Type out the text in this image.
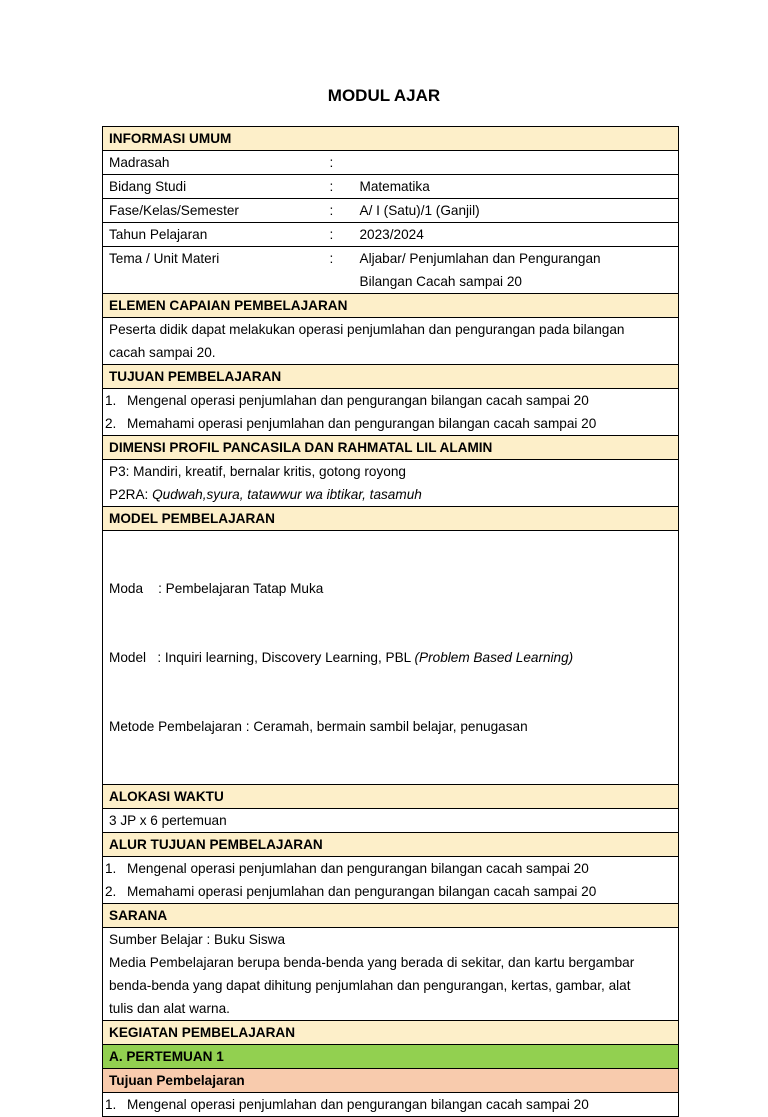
MODUL AJAR
INFORMASI UMUM		
Madrasah	:	
Bidang Studi	:	Matematika
Fase/Kelas/Semester	:	A/ I (Satu)/1 (Ganjil)
Tahun Pelajaran	:	2023/2024
Tema / Unit Materi	:	Aljabar/ Penjumlahan dan Pengurangan
Bilangan Cacah sampai 20

ELEMEN CAPAIAN PEMBELAJARAN		

Peserta didik dapat melakukan operasi penjumlahan dan pengurangan pada bilangan
cacah sampai 20.		

TUJUAN PEMBELAJARAN		

1. Mengenal operasi penjumlahan dan pengurangan bilangan cacah sampai 20
2. Memahami operasi penjumlahan dan pengurangan bilangan cacah sampai 20		

DIMENSI PROFIL PANCASILA DAN RAHMATAL LIL ALAMIN		

P3: Mandiri, kreatif, bernalar kritis, gotong royong
P2RA: Qudwah,syura, tatawwur wa ibtikar, tasamuh		

MODEL PEMBELAJARAN		

Moda    : Pembelajaran Tatap Muka

Model   : Inquiri learning, Discovery Learning, PBL (Problem Based Learning)

Metode Pembelajaran : Ceramah, bermain sambil belajar, penugasan		

ALOKASI WAKTU		
3 JP x 6 pertemuan		
ALUR TUJUAN PEMBELAJARAN		

1. Mengenal operasi penjumlahan dan pengurangan bilangan cacah sampai 20
2. Memahami operasi penjumlahan dan pengurangan bilangan cacah sampai 20		

SARANA		

Sumber Belajar : Buku Siswa
Media Pembelajaran berupa benda-benda yang berada di sekitar, dan kartu bergambar
benda-benda yang dapat dihitung penjumlahan dan pengurangan, kertas, gambar, alat
tulis dan alat warna.		

KEGIATAN PEMBELAJARAN		
A. PERTEMUAN 1		
Tujuan Pembelajaran		

1. Mengenal operasi penjumlahan dan pengurangan bilangan cacah sampai 20		
